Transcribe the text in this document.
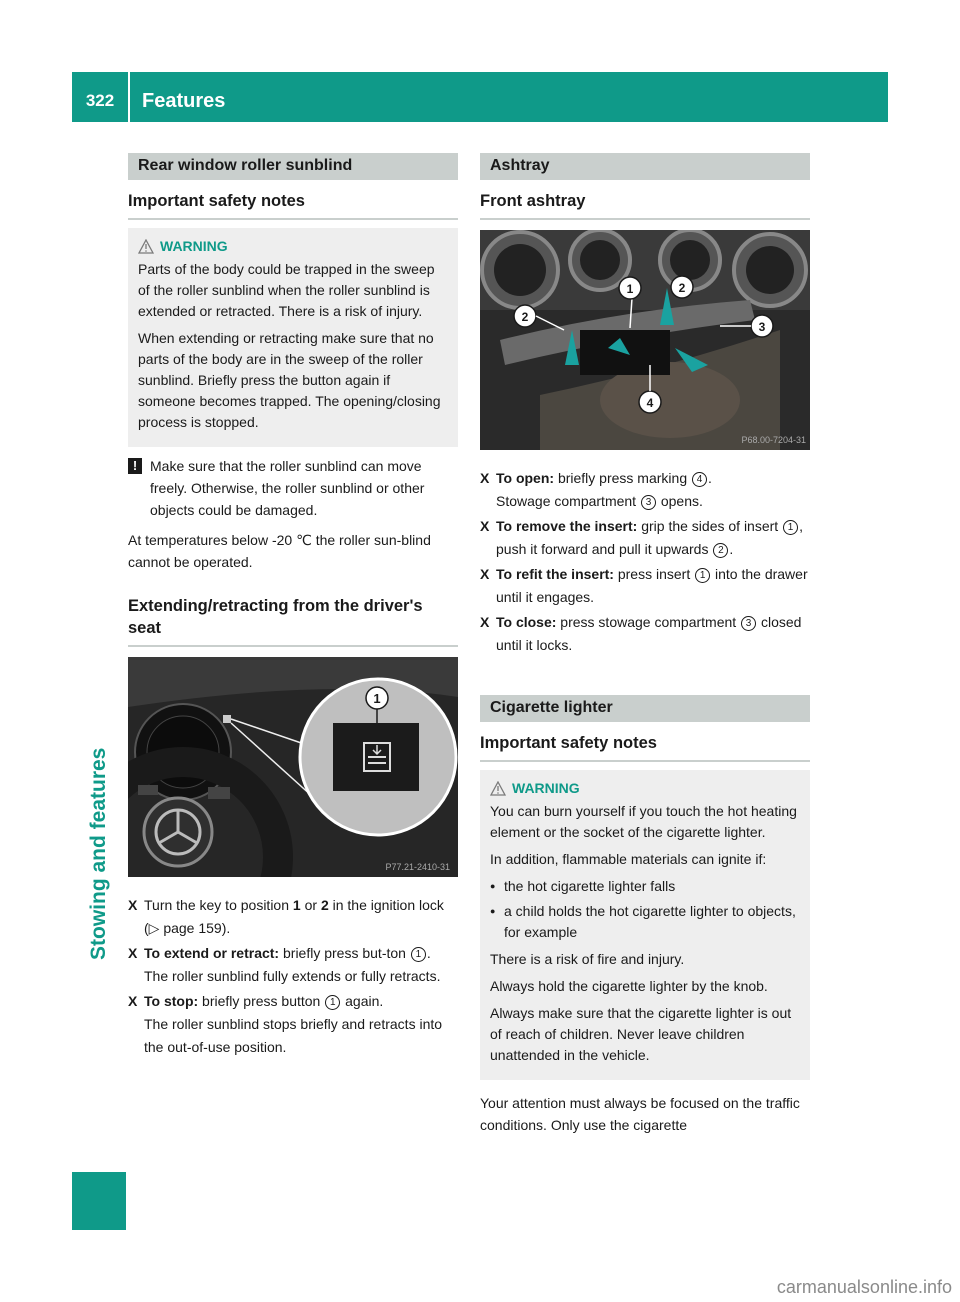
322	Features
Stowing and features
Rear window roller sunblind
Important safety notes
WARNING

Parts of the body could be trapped in the sweep of the roller sunblind when the roller sunblind is extended or retracted. There is a risk of injury.

When extending or retracting make sure that no parts of the body are in the sweep of the roller sunblind. Briefly press the button again if someone becomes trapped. The opening/closing process is stopped.

! Make sure that the roller sunblind can move freely. Otherwise, the roller sunblind or other objects could be damaged.
At temperatures below -20 ℃ the roller sun-blind cannot be operated.
Extending/retracting from the driver's seat
1
P77.21-2410-31
X Turn the key to position 1 or 2 in the ignition lock (▷ page 159).
X To extend or retract: briefly press but-ton 1 .
The roller sunblind fully extends or fully retracts.
X To stop: briefly press button 1 again.
The roller sunblind stops briefly and retracts into the out-of-use position.
Ashtray
Front ashtray
1	2
2
3
4
P68.00-7204-31
X To open: briefly press marking 4 .
Stowage compartment 3 opens.
X To remove the insert: grip the sides of insert 1 , push it forward and pull it upwards 2 .
X To refit the insert: press insert 1 into the drawer until it engages.
X To close: press stowage compartment 3 closed until it locks.
Cigarette lighter
Important safety notes
WARNING

You can burn yourself if you touch the hot heating element or the socket of the cigarette lighter.

In addition, flammable materials can ignite if:

● the hot cigarette lighter falls
● a child holds the hot cigarette lighter to objects, for example

There is a risk of fire and injury.

Always hold the cigarette lighter by the knob.

Always make sure that the cigarette lighter is out of reach of children. Never leave children unattended in the vehicle.

Your attention must always be focused on the traffic conditions. Only use the cigarette
carmanualsonline.info
